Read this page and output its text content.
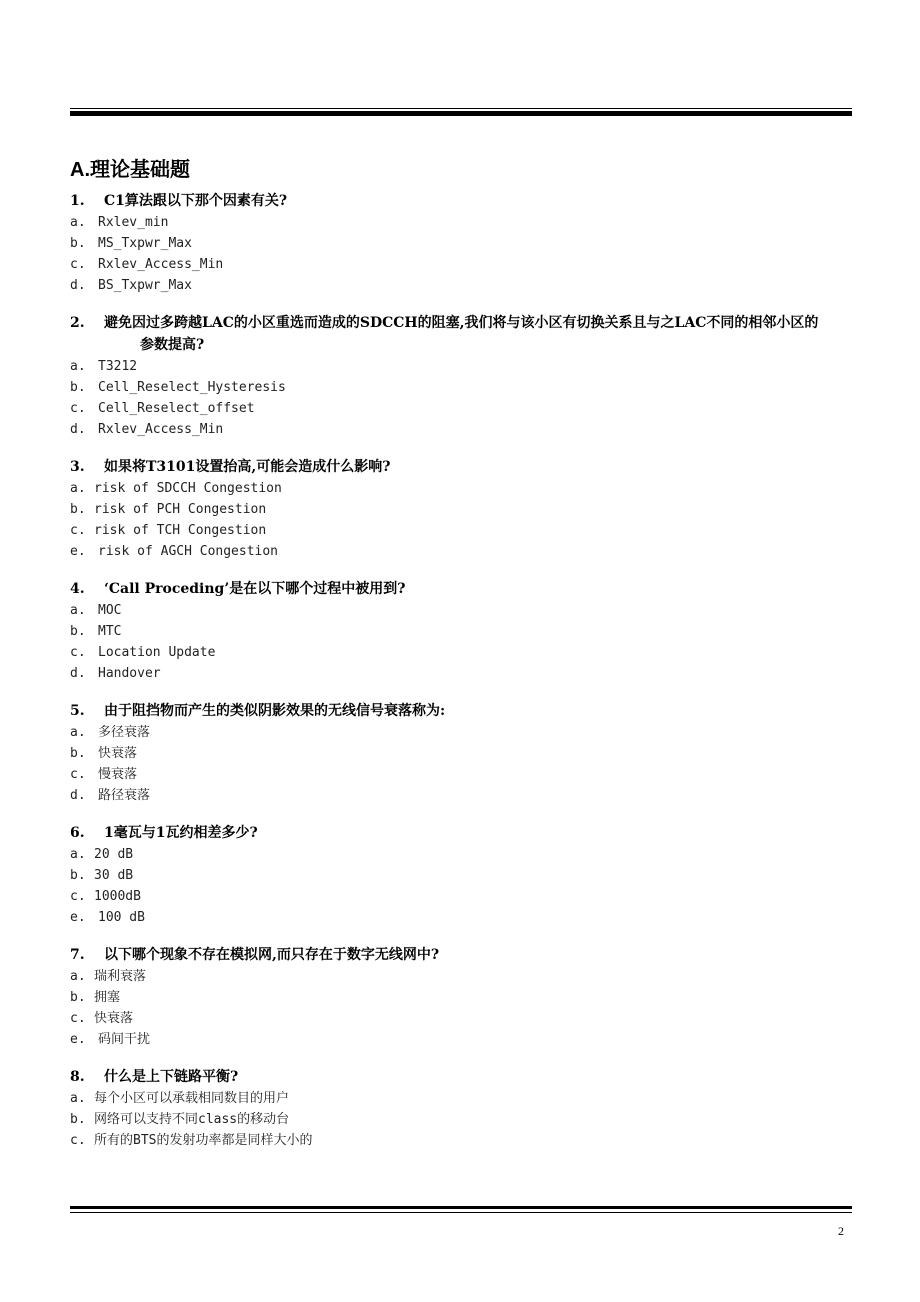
A.理论基础题

1. C1算法跟以下那个因素有关?

a. Rxlev_min

b. MS_Txpwr_Max

c. Rxlev_Access_Min

d. BS_Txpwr_Max

2. 避免因过多跨越LAC的小区重选而造成的SDCCH的阻塞,我们将与该小区有切换关系且与之LAC不同的相邻小区的参数提高?

a. T3212

b. Cell_Reselect_Hysteresis

c. Cell_Reselect_offset

d. Rxlev_Access_Min

3. 如果将T3101设置抬高,可能会造成什么影响?

a. risk of SDCCH Congestion

b. risk of PCH Congestion

c. risk of TCH Congestion

e. risk of AGCH Congestion

4. ‘Call Proceding’是在以下哪个过程中被用到?

a. MOC

b. MTC

c. Location Update

d. Handover

5. 由于阻挡物而产生的类似阴影效果的无线信号衰落称为:

a. 多径衰落

b. 快衰落

c. 慢衰落

d. 路径衰落

6. 1毫瓦与1瓦约相差多少?

a. 20 dB

b. 30 dB

c. 1000dB

e. 100 dB

7. 以下哪个现象不存在模拟网,而只存在于数字无线网中?

a. 瑞利衰落

b. 拥塞

c. 快衰落

e. 码间干扰

8. 什么是上下链路平衡?

a. 每个小区可以承载相同数目的用户

b. 网络可以支持不同class的移动台

c. 所有的BTS的发射功率都是同样大小的

2
